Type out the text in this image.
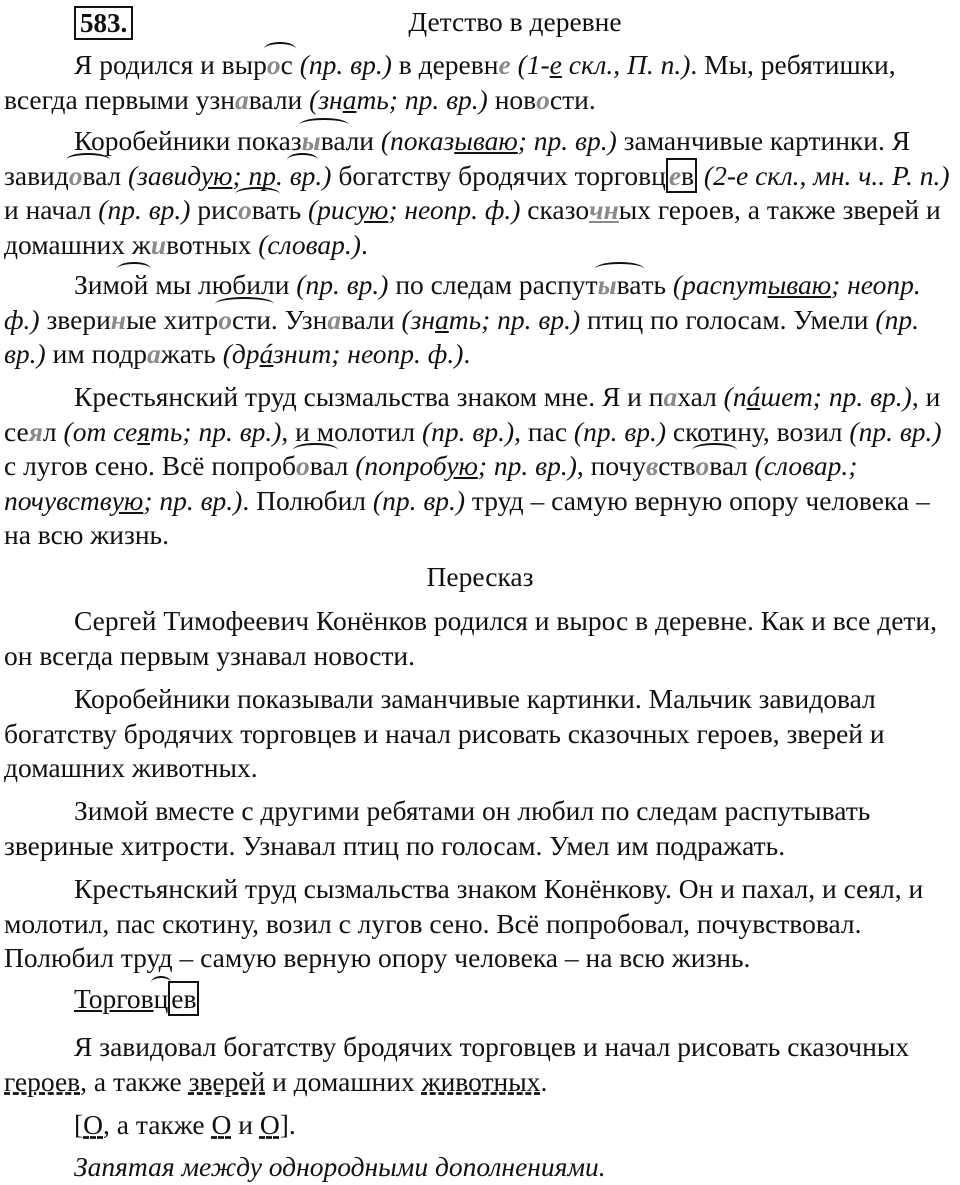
583.	Детство в деревне

Я родился и вырос (пр. вр.) в деревне (1-е скл., П. п.). Мы, ребятишки, всегда первыми узнавали (знать; пр. вр.) новости.

Коробейники показывали (показываю; пр. вр.) заманчивые картинки. Я завидовал (завидую; пр. вр.) богатству бродячих торговц ев (2-е скл., мн. ч.. Р. п.) и начал (пр. вр.) рисовать (рисую; неопр. ф.) сказочных героев, а также зверей и домашних животных (словар.).

Зимой мы любили (пр. вр.) по следам распутывать (распутываю; неопр. ф.) звериные хитрости. Узнавали (знать; пр. вр.) птиц по голосам. Умели (пр. вр.) им подражать (дрáзнит; неопр. ф.).

Крестьянский труд сызмальства знаком мне. Я и пахал (пáшет; пр. вр.), и сеял (от сеять; пр. вр.), и молотил (пр. вр.), пас (пр. вр.) скотину, возил (пр. вр.) с лугов сено. Всё попробовал (попробую; пр. вр.), почувствовал (словар.; почувствую; пр. вр.). Полюбил (пр. вр.) труд – самую верную опору человека – на всю жизнь.

Пересказ

Сергей Тимофеевич Конёнков родился и вырос в деревне. Как и все дети, он всегда первым узнавал новости.

Коробейники показывали заманчивые картинки. Мальчик завидовал богатству бродячих торговцев и начал рисовать сказочных героев, зверей и домашних животных.

Зимой вместе с другими ребятами он любил по следам распутывать звериные хитрости. Узнавал птиц по голосам. Умел им подражать.

Крестьянский труд сызмальства знаком Конёнкову. Он и пахал, и сеял, и молотил, пас скотину, возил с лугов сено. Всё попробовал, почувствовал. Полюбил труд – самую верную опору человека – на всю жизнь.

Торговц ев

Я завидовал богатству бродячих торговцев и начал рисовать сказочных героев, а также зверей и домашних животных.

[О, а также О и О].

Запятая между однородными дополнениями.
